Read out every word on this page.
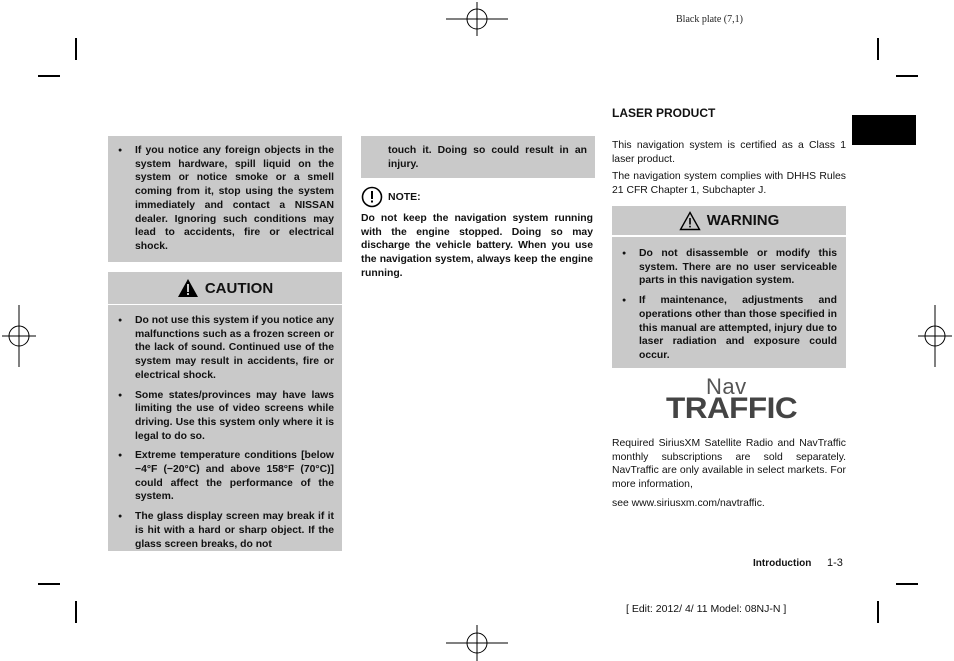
Black plate (7,1)
● If you notice any foreign objects in the system hardware, spill liquid on the system or notice smoke or a smell coming from it, stop using the system immediately and contact a NISSAN dealer. Ignoring such conditions may lead to accidents, fire or electrical shock.
CAUTION
● Do not use this system if you notice any malfunctions such as a frozen screen or the lack of sound. Continued use of the system may result in accidents, fire or electrical shock.
● Some states/provinces may have laws limiting the use of video screens while driving. Use this system only where it is legal to do so.
● Extreme temperature conditions [below −4°F (−20°C) and above 158°F (70°C)] could affect the performance of the system.
● The glass display screen may break if it is hit with a hard or sharp object. If the glass screen breaks, do not
touch it. Doing so could result in an injury.
NOTE:
Do not keep the navigation system running with the engine stopped. Doing so may discharge the vehicle battery. When you use the navigation system, always keep the engine running.
LASER PRODUCT
This navigation system is certified as a Class 1 laser product.
The navigation system complies with DHHS Rules 21 CFR Chapter 1, Subchapter J.
WARNING
● Do not disassemble or modify this system. There are no user serviceable parts in this navigation system.
● If maintenance, adjustments and operations other than those specified in this manual are attempted, injury due to laser radiation and exposure could occur.
Nav
TRAFFIC
Required SiriusXM Satellite Radio and NavTraffic monthly subscriptions are sold separately. NavTraffic are only available in select markets. For more information,
see www.siriusxm.com/navtraffic.
Introduction 1-3
[ Edit: 2012/ 4/ 11 Model: 08NJ-N ]
